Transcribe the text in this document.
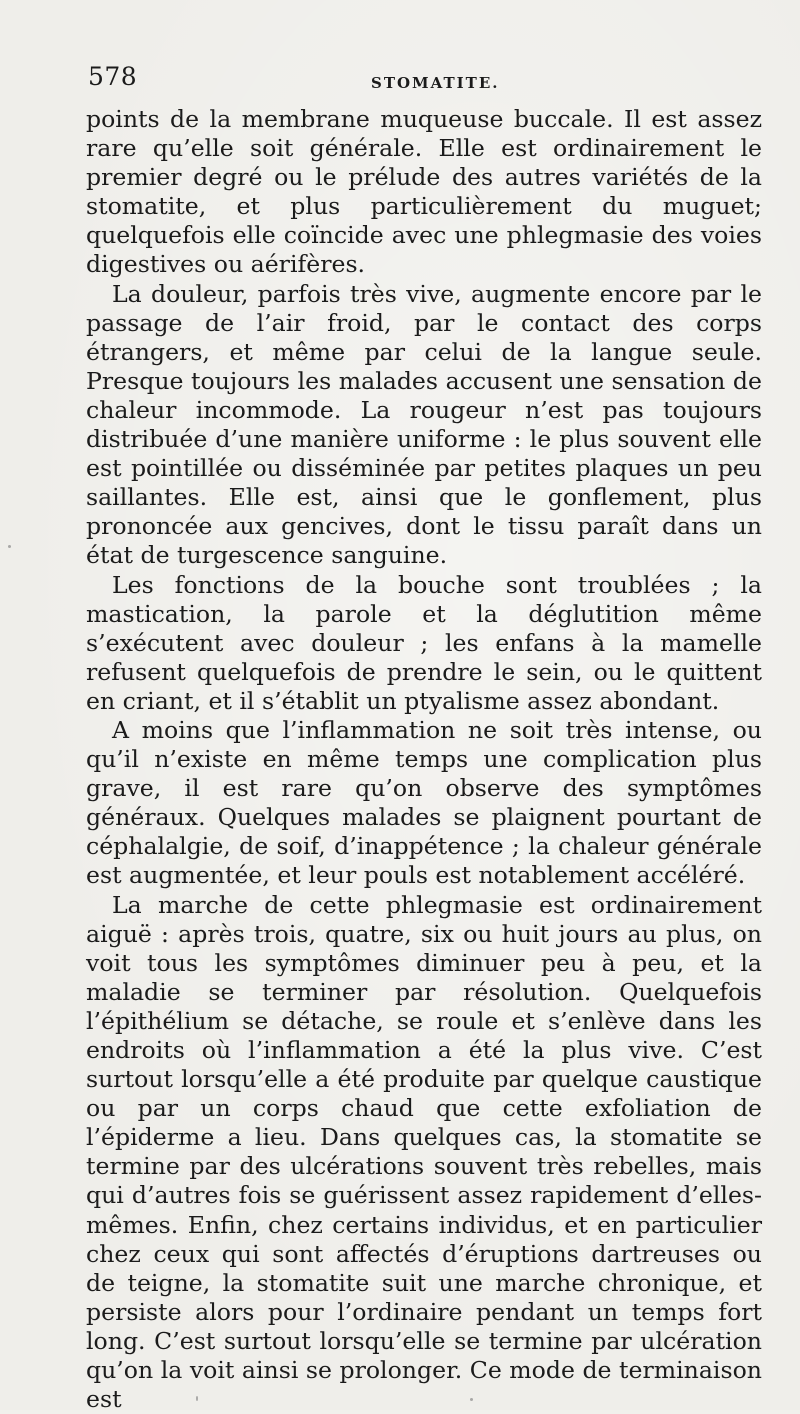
578	STOMATITE.

points de la membrane muqueuse buccale. Il est assez rare qu’elle soit générale. Elle est ordinairement le premier degré ou le prélude des autres variétés de la stomatite, et plus particulièrement du muguet; quelquefois elle coïncide avec une phlegmasie des voies digestives ou aérifères.

La douleur, parfois très vive, augmente encore par le passage de l’air froid, par le contact des corps étrangers, et même par celui de la langue seule. Presque toujours les malades accusent une sensation de chaleur incommode. La rougeur n’est pas toujours distribuée d’une manière uniforme : le plus souvent elle est pointillée ou disséminée par petites plaques un peu saillantes. Elle est, ainsi que le gonflement, plus prononcée aux gencives, dont le tissu paraît dans un état de turgescence sanguine.

Les fonctions de la bouche sont troublées ; la mastication, la parole et la déglutition même s’exécutent avec douleur ; les enfans à la mamelle refusent quelquefois de prendre le sein, ou le quittent en criant, et il s’établit un ptyalisme assez abondant.

A moins que l’inflammation ne soit très intense, ou qu’il n’existe en même temps une complication plus grave, il est rare qu’on observe des symptômes généraux. Quelques malades se plaignent pourtant de céphalalgie, de soif, d’inappétence ; la chaleur générale est augmentée, et leur pouls est notablement accéléré.

La marche de cette phlegmasie est ordinairement aiguë : après trois, quatre, six ou huit jours au plus, on voit tous les symptômes diminuer peu à peu, et la maladie se terminer par résolution. Quelquefois l’épithélium se détache, se roule et s’enlève dans les endroits où l’inflammation a été la plus vive. C’est surtout lorsqu’elle a été produite par quelque caustique ou par un corps chaud que cette exfoliation de l’épiderme a lieu. Dans quelques cas, la stomatite se termine par des ulcérations souvent très rebelles, mais qui d’autres fois se guérissent assez rapidement d’elles-mêmes. Enfin, chez certains individus, et en particulier chez ceux qui sont affectés d’éruptions dartreuses ou de teigne, la stomatite suit une marche chronique, et persiste alors pour l’ordinaire pendant un temps fort long. C’est surtout lorsqu’elle se termine par ulcération qu’on la voit ainsi se prolonger. Ce mode de terminaison est
